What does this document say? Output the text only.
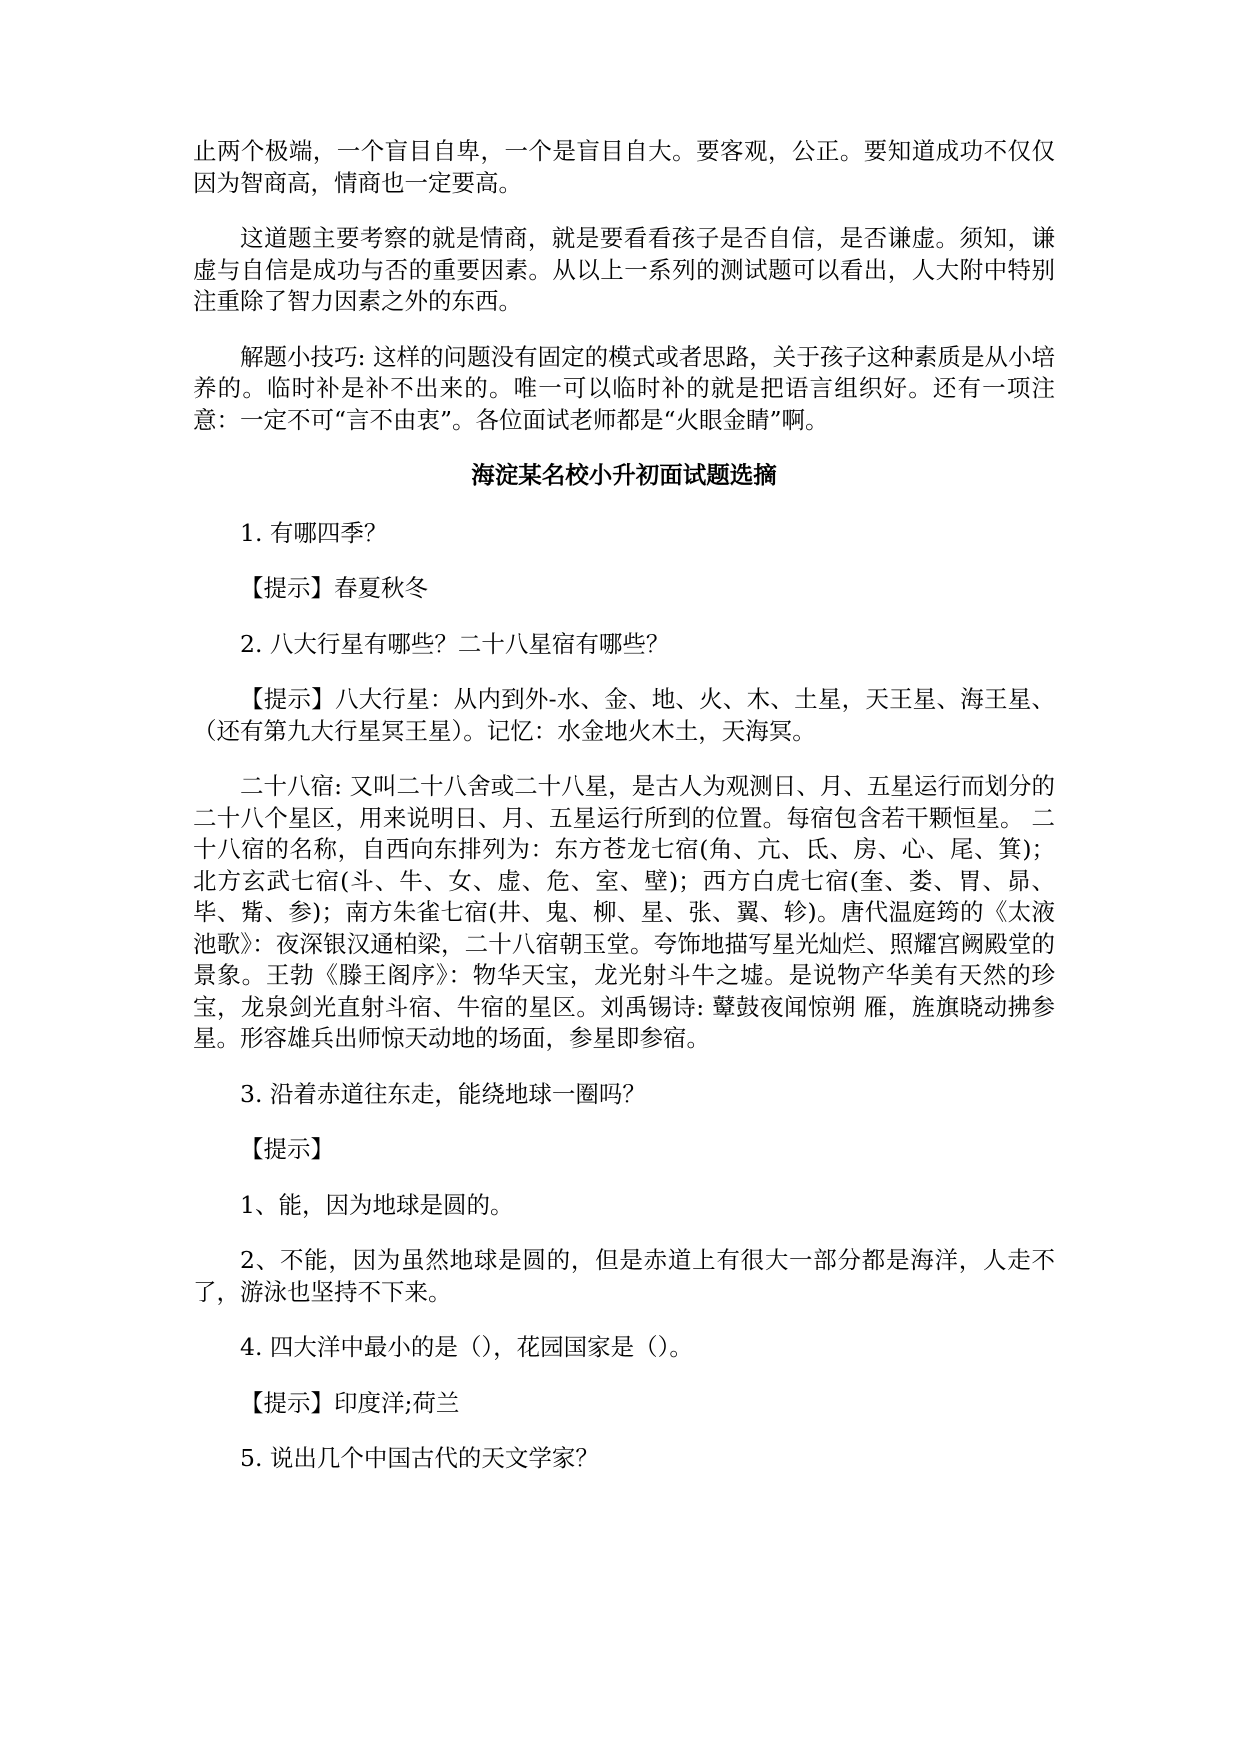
止两个极端，一个盲目自卑，一个是盲目自大。要客观，公正。要知道成功不仅仅因为智商高，情商也一定要高。

这道题主要考察的就是情商，就是要看看孩子是否自信，是否谦虚。须知，谦虚与自信是成功与否的重要因素。从以上一系列的测试题可以看出，人大附中特别注重除了智力因素之外的东西。

解题小技巧: 这样的问题没有固定的模式或者思路，关于孩子这种素质是从小培养的。临时补是补不出来的。唯一可以临时补的就是把语言组织好。还有一项注意：一定不可“言不由衷”。各位面试老师都是“火眼金睛”啊。

海淀某名校小升初面试题选摘

1. 有哪四季？

【提示】春夏秋冬

2. 八大行星有哪些？二十八星宿有哪些？

【提示】八大行星：从内到外-水、金、地、火、木、土星，天王星、海王星、（还有第九大行星冥王星）。记忆：水金地火木土，天海冥。

二十八宿: 又叫二十八舍或二十八星，是古人为观测日、月、五星运行而划分的二十八个星区，用来说明日、月、五星运行所到的位置。每宿包含若干颗恒星。 二十八宿的名称，自西向东排列为：东方苍龙七宿(角、亢、氐、房、心、尾、箕)；北方玄武七宿(斗、牛、女、虚、危、室、壁)；西方白虎七宿(奎、娄、胃、昴、毕、觜、参)；南方朱雀七宿(井、鬼、柳、星、张、翼、轸)。唐代温庭筠的《太液池歌》：夜深银汉通柏梁，二十八宿朝玉堂。夸饰地描写星光灿烂、照耀宫阙殿堂的景象。王勃《滕王阁序》：物华天宝，龙光射斗牛之墟。是说物产华美有天然的珍宝，龙泉剑光直射斗宿、牛宿的星区。刘禹锡诗: 鼙鼓夜闻惊朔 雁，旌旗晓动拂参星。形容雄兵出师惊天动地的场面，参星即参宿。

3. 沿着赤道往东走，能绕地球一圈吗？

【提示】

1、能，因为地球是圆的。

2、不能，因为虽然地球是圆的，但是赤道上有很大一部分都是海洋，人走不了，游泳也坚持不下来。

4. 四大洋中最小的是（），花园国家是（）。

【提示】印度洋;荷兰

5. 说出几个中国古代的天文学家？
